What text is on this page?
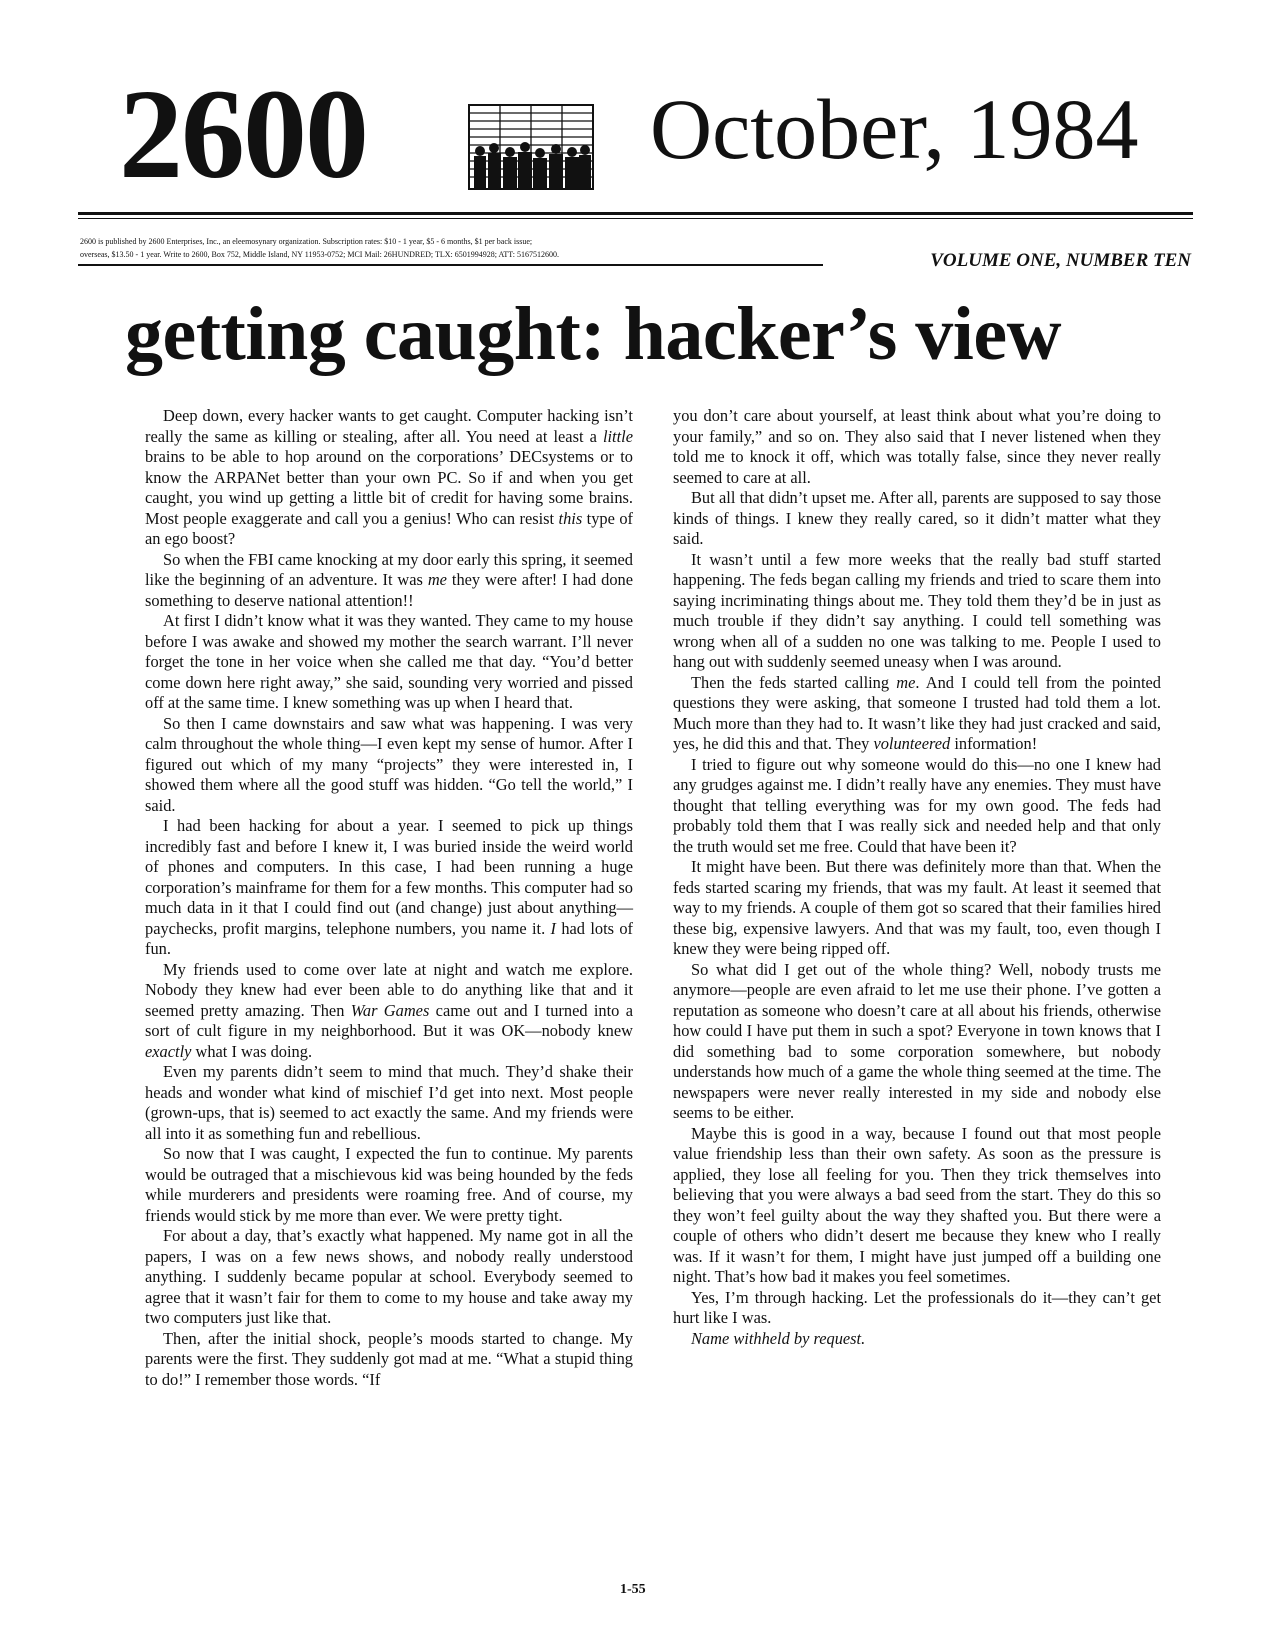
2600	October, 1984

2600 is published by 2600 Enterprises, Inc., an eleemosynary organization. Subscription rates: $10 - 1 year, $5 - 6 months, $1 per back issue;

overseas, $13.50 - 1 year. Write to 2600, Box 752, Middle Island, NY 11953-0752; MCI Mail: 26HUNDRED; TLX: 6501994928; ATT: 5167512600.	VOLUME ONE, NUMBER TEN
getting caught: hacker’s view

Deep down, every hacker wants to get caught. Computer hacking isn’t really the same as killing or stealing, after all. You need at least a little brains to be able to hop around on the corporations’ DECsystems or to know the ARPANet better than your own PC. So if and when you get caught, you wind up getting a little bit of credit for having some brains. Most people exaggerate and call you a genius! Who can resist this type of an ego boost?

So when the FBI came knocking at my door early this spring, it seemed like the beginning of an adventure. It was me they were after! I had done something to deserve national attention!!

At first I didn’t know what it was they wanted. They came to my house before I was awake and showed my mother the search warrant. I’ll never forget the tone in her voice when she called me that day. “You’d better come down here right away,” she said, sounding very worried and pissed off at the same time. I knew something was up when I heard that.

So then I came downstairs and saw what was happening. I was very calm throughout the whole thing—I even kept my sense of humor. After I figured out which of my many “projects” they were interested in, I showed them where all the good stuff was hidden. “Go tell the world,” I said.

I had been hacking for about a year. I seemed to pick up things incredibly fast and before I knew it, I was buried inside the weird world of phones and computers. In this case, I had been running a huge corporation’s mainframe for them for a few months. This computer had so much data in it that I could find out (and change) just about anything—paychecks, profit margins, telephone numbers, you name it. I had lots of fun.

My friends used to come over late at night and watch me explore. Nobody they knew had ever been able to do anything like that and it seemed pretty amazing. Then War Games came out and I turned into a sort of cult figure in my neighborhood. But it was OK—nobody knew exactly what I was doing.

Even my parents didn’t seem to mind that much. They’d shake their heads and wonder what kind of mischief I’d get into next. Most people (grown-ups, that is) seemed to act exactly the same. And my friends were all into it as something fun and rebellious.

So now that I was caught, I expected the fun to continue. My parents would be outraged that a mischievous kid was being hounded by the feds while murderers and presidents were roaming free. And of course, my friends would stick by me more than ever. We were pretty tight.

For about a day, that’s exactly what happened. My name got in all the papers, I was on a few news shows, and nobody really understood anything. I suddenly became popular at school. Everybody seemed to agree that it wasn’t fair for them to come to my house and take away my two computers just like that.

Then, after the initial shock, people’s moods started to change. My parents were the first. They suddenly got mad at me. “What a stupid thing to do!” I remember those words. “If

you don’t care about yourself, at least think about what you’re doing to your family,” and so on. They also said that I never listened when they told me to knock it off, which was totally false, since they never really seemed to care at all.

But all that didn’t upset me. After all, parents are supposed to say those kinds of things. I knew they really cared, so it didn’t matter what they said.

It wasn’t until a few more weeks that the really bad stuff started happening. The feds began calling my friends and tried to scare them into saying incriminating things about me. They told them they’d be in just as much trouble if they didn’t say anything. I could tell something was wrong when all of a sudden no one was talking to me. People I used to hang out with suddenly seemed uneasy when I was around.

Then the feds started calling me. And I could tell from the pointed questions they were asking, that someone I trusted had told them a lot. Much more than they had to. It wasn’t like they had just cracked and said, yes, he did this and that. They volunteered information!

I tried to figure out why someone would do this—no one I knew had any grudges against me. I didn’t really have any enemies. They must have thought that telling everything was for my own good. The feds had probably told them that I was really sick and needed help and that only the truth would set me free. Could that have been it?

It might have been. But there was definitely more than that. When the feds started scaring my friends, that was my fault. At least it seemed that way to my friends. A couple of them got so scared that their families hired these big, expensive lawyers. And that was my fault, too, even though I knew they were being ripped off.

So what did I get out of the whole thing? Well, nobody trusts me anymore—people are even afraid to let me use their phone. I’ve gotten a reputation as someone who doesn’t care at all about his friends, otherwise how could I have put them in such a spot? Everyone in town knows that I did something bad to some corporation somewhere, but nobody understands how much of a game the whole thing seemed at the time. The newspapers were never really interested in my side and nobody else seems to be either.

Maybe this is good in a way, because I found out that most people value friendship less than their own safety. As soon as the pressure is applied, they lose all feeling for you. Then they trick themselves into believing that you were always a bad seed from the start. They do this so they won’t feel guilty about the way they shafted you. But there were a couple of others who didn’t desert me because they knew who I really was. If it wasn’t for them, I might have just jumped off a building one night. That’s how bad it makes you feel sometimes.

Yes, I’m through hacking. Let the professionals do it—they can’t get hurt like I was.

Name withheld by request.

1-55
